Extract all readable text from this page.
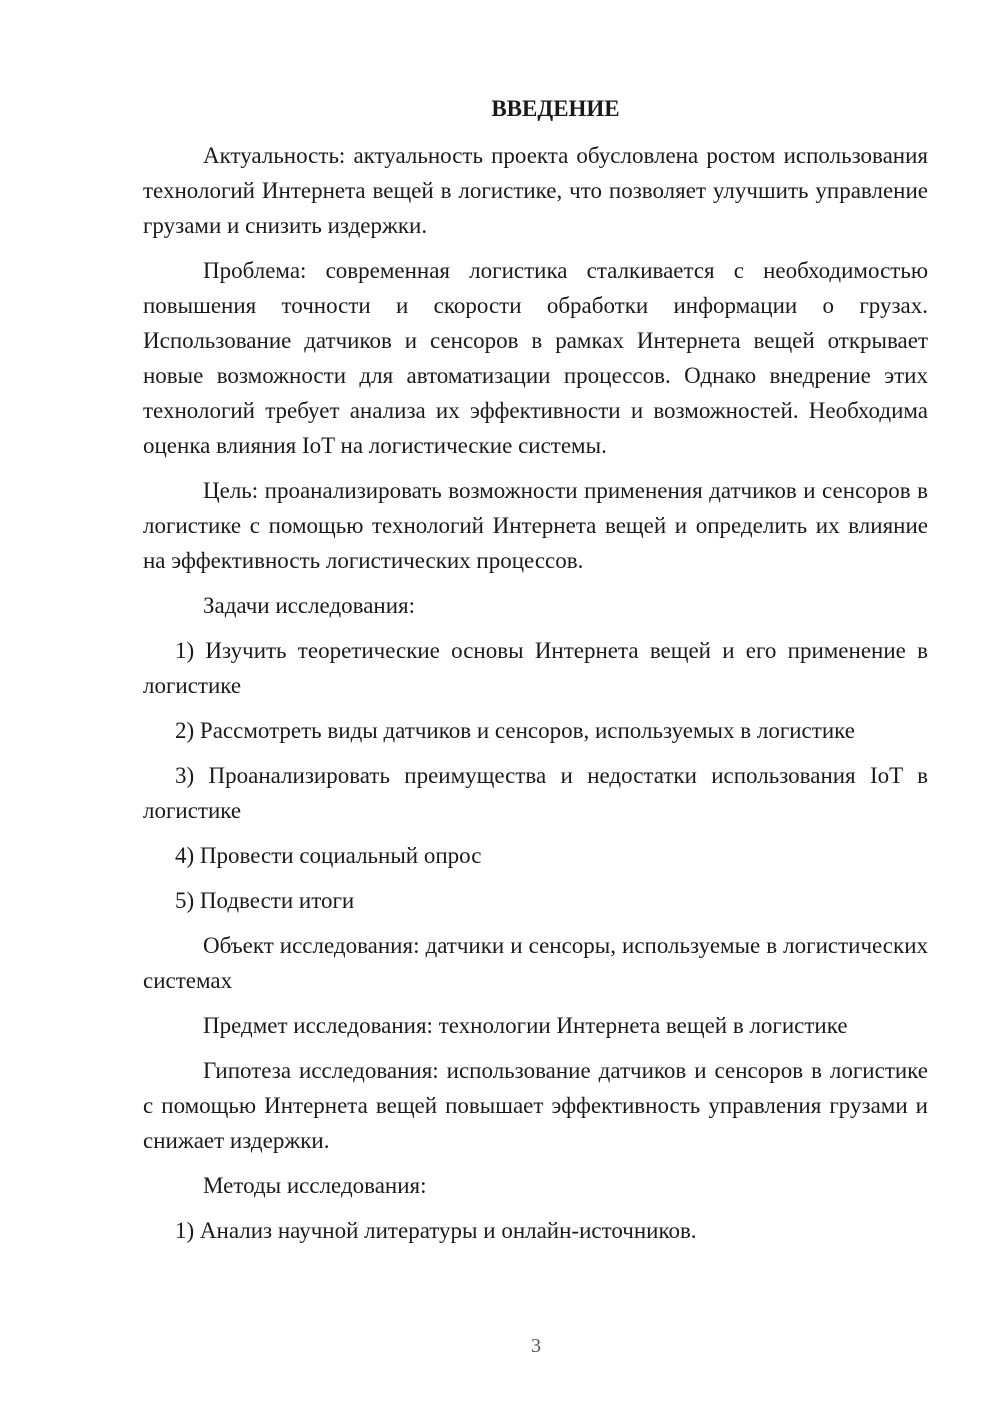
ВВЕДЕНИЕ

Актуальность: актуальность проекта обусловлена ростом использования технологий Интернета вещей в логистике, что позволяет улучшить управление грузами и снизить издержки.

Проблема: современная логистика сталкивается с необходимостью повышения точности и скорости обработки информации о грузах. Использование датчиков и сенсоров в рамках Интернета вещей открывает новые возможности для автоматизации процессов. Однако внедрение этих технологий требует анализа их эффективности и возможностей. Необходима оценка влияния IoT на логистические системы.

Цель: проанализировать возможности применения датчиков и сенсоров в логистике с помощью технологий Интернета вещей и определить их влияние на эффективность логистических процессов.

Задачи исследования:

1) Изучить теоретические основы Интернета вещей и его применение в логистике

2) Рассмотреть виды датчиков и сенсоров, используемых в логистике

3) Проанализировать преимущества и недостатки использования IoT в логистике

4) Провести социальный опрос

5) Подвести итоги

Объект исследования: датчики и сенсоры, используемые в логистических системах

Предмет исследования: технологии Интернета вещей в логистике

Гипотеза исследования: использование датчиков и сенсоров в логистике с помощью Интернета вещей повышает эффективность управления грузами и снижает издержки.

Методы исследования:

1) Анализ научной литературы и онлайн-источников.

3
